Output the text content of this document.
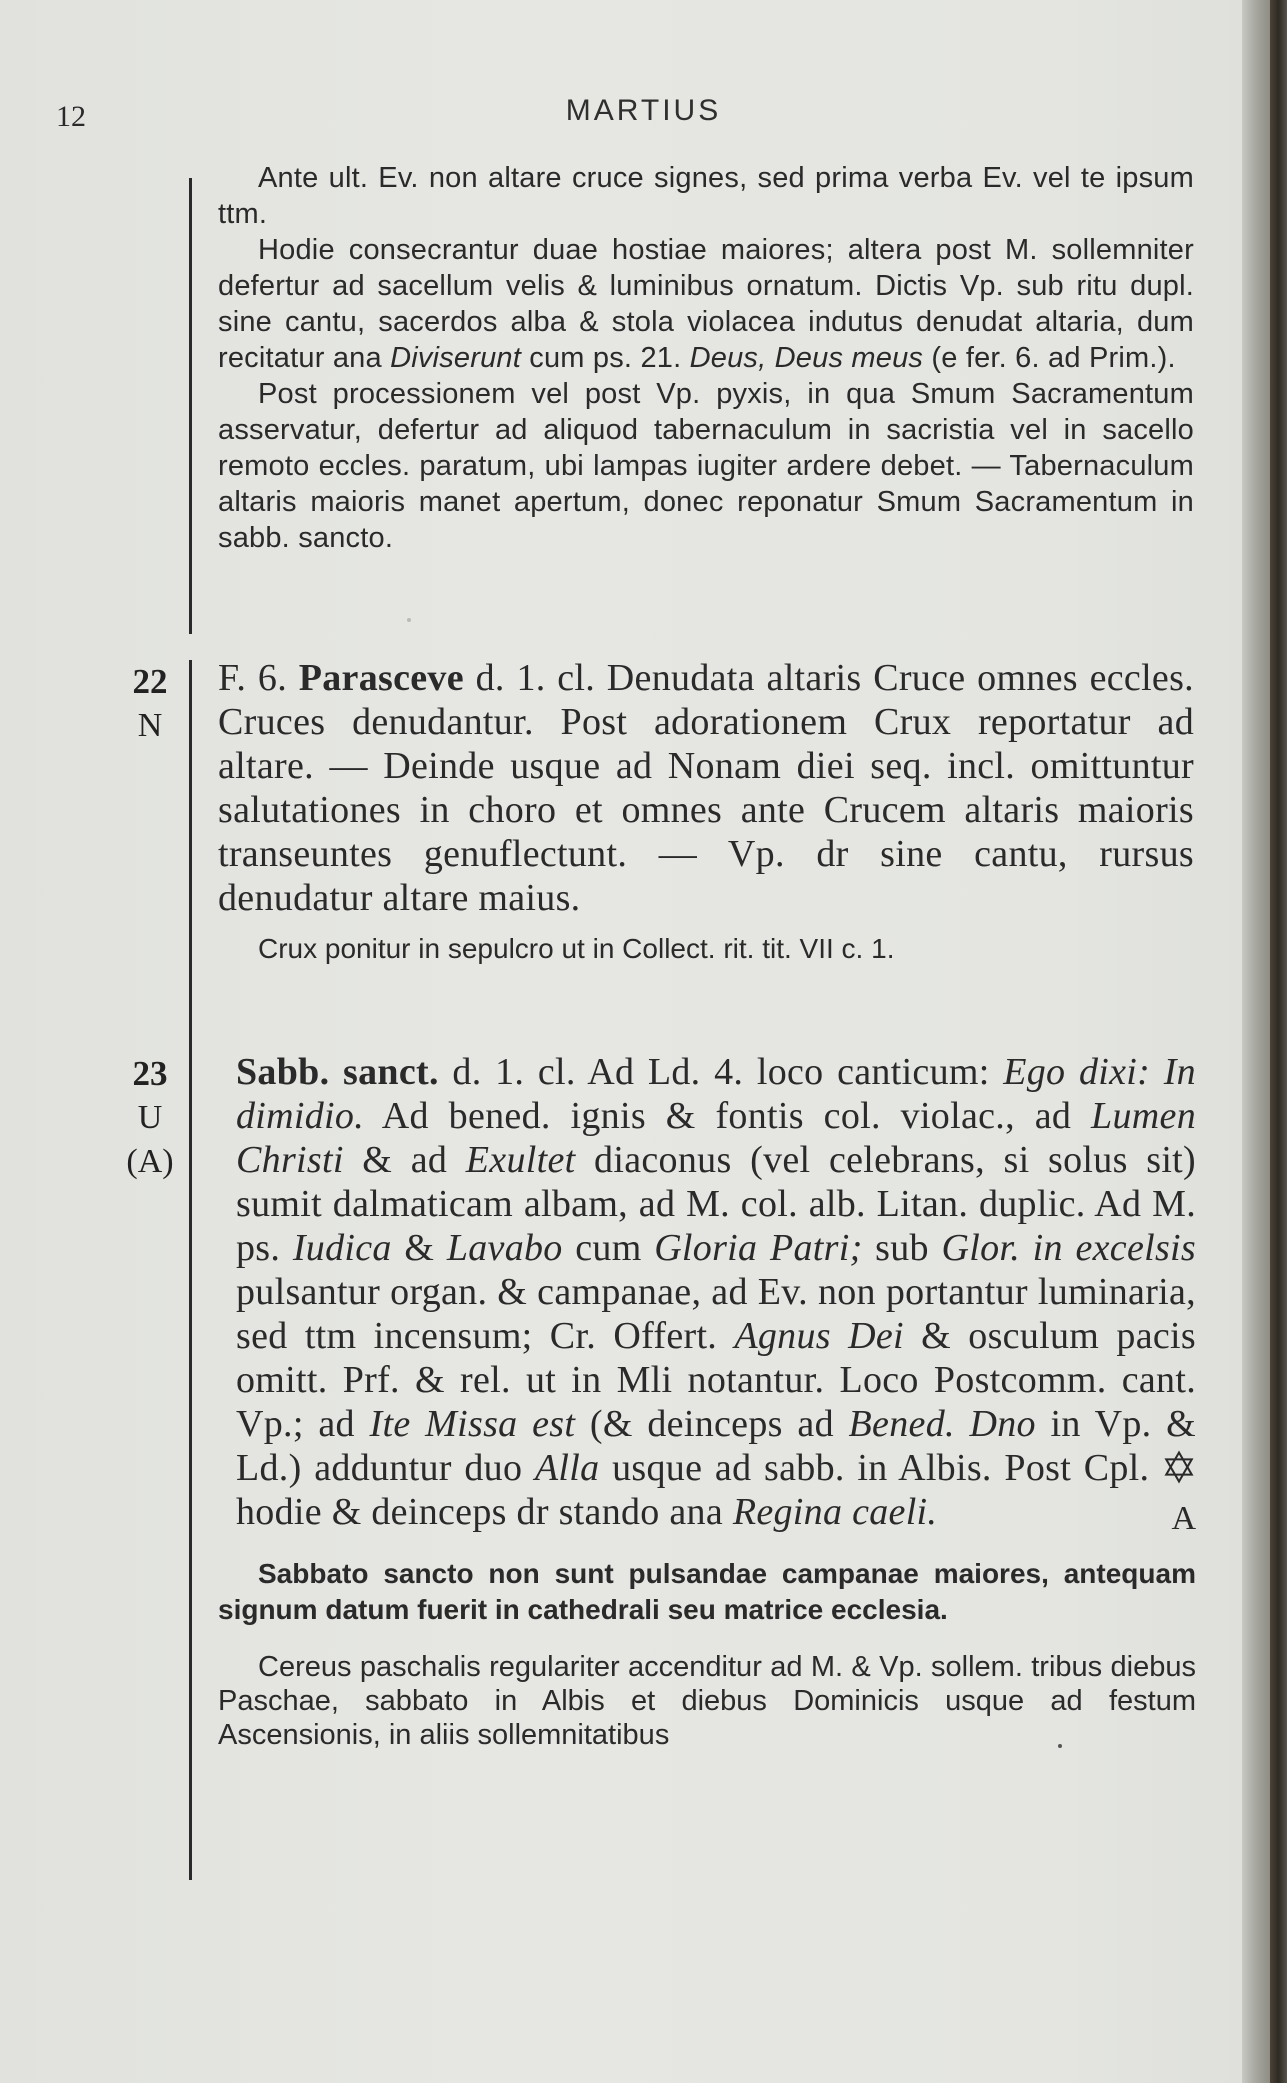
12	MARTIUS

Ante ult. Ev. non altare cruce signes, sed prima verba Ev. vel te ipsum ttm.

Hodie consecrantur duae hostiae maiores; altera post M. sollemniter defertur ad sacellum velis & luminibus ornatum. Dictis Vp. sub ritu dupl. sine cantu, sacerdos alba & stola violacea indutus denudat altaria, dum recitatur ana Diviserunt cum ps. 21. Deus, Deus meus (e fer. 6. ad Prim.).

Post processionem vel post Vp. pyxis, in qua Smum Sacramentum asservatur, defertur ad aliquod tabernaculum in sacristia vel in sacello remoto eccles. paratum, ubi lampas iugiter ardere debet. — Tabernaculum altaris maioris manet apertum, donec reponatur Smum Sacramentum in sabb. sancto.

22
N

F. 6. Parasceve d. 1. cl. Denudata altaris Cruce omnes eccles. Cruces denudantur. Post adorationem Crux reportatur ad altare. — Deinde usque ad Nonam diei seq. incl. omittuntur salutationes in choro et omnes ante Crucem altaris maioris transeuntes genuflectunt. — Vp. dr sine cantu, rursus denudatur altare maius.

Crux ponitur in sepulcro ut in Collect. rit. tit. VII c. 1.

23
U
(A)

Sabb. sanct. d. 1. cl. Ad Ld. 4. loco canticum: Ego dixi: In dimidio. Ad bened. ignis & fontis col. violac., ad Lumen Christi & ad Exultet diaconus (vel celebrans, si solus sit) sumit dalmaticam albam, ad M. col. alb. Litan. duplic. Ad M. ps. Iudica & Lavabo cum Gloria Patri; sub Glor. in excelsis pulsantur organ. & campanae, ad Ev. non portantur luminaria, sed ttm incensum; Cr. Offert. Agnus Dei & osculum pacis omitt. Prf. & rel. ut in Mli notantur. Loco Postcomm. cant. Vp.; ad Ite Missa est (& deinceps ad Bened. Dno in Vp. & Ld.) adduntur duo Alla usque ad sabb. in Albis. Post Cpl.  hodie & deinceps dr stando ana Regina caeli.	A

Sabbato sancto non sunt pulsandae campanae maiores, antequam signum datum fuerit in cathedrali seu matrice ecclesia.

Cereus paschalis regulariter accenditur ad M. & Vp. sollem. tribus diebus Paschae, sabbato in Albis et diebus Dominicis usque ad festum Ascensionis, in aliis sollemnitatibus
